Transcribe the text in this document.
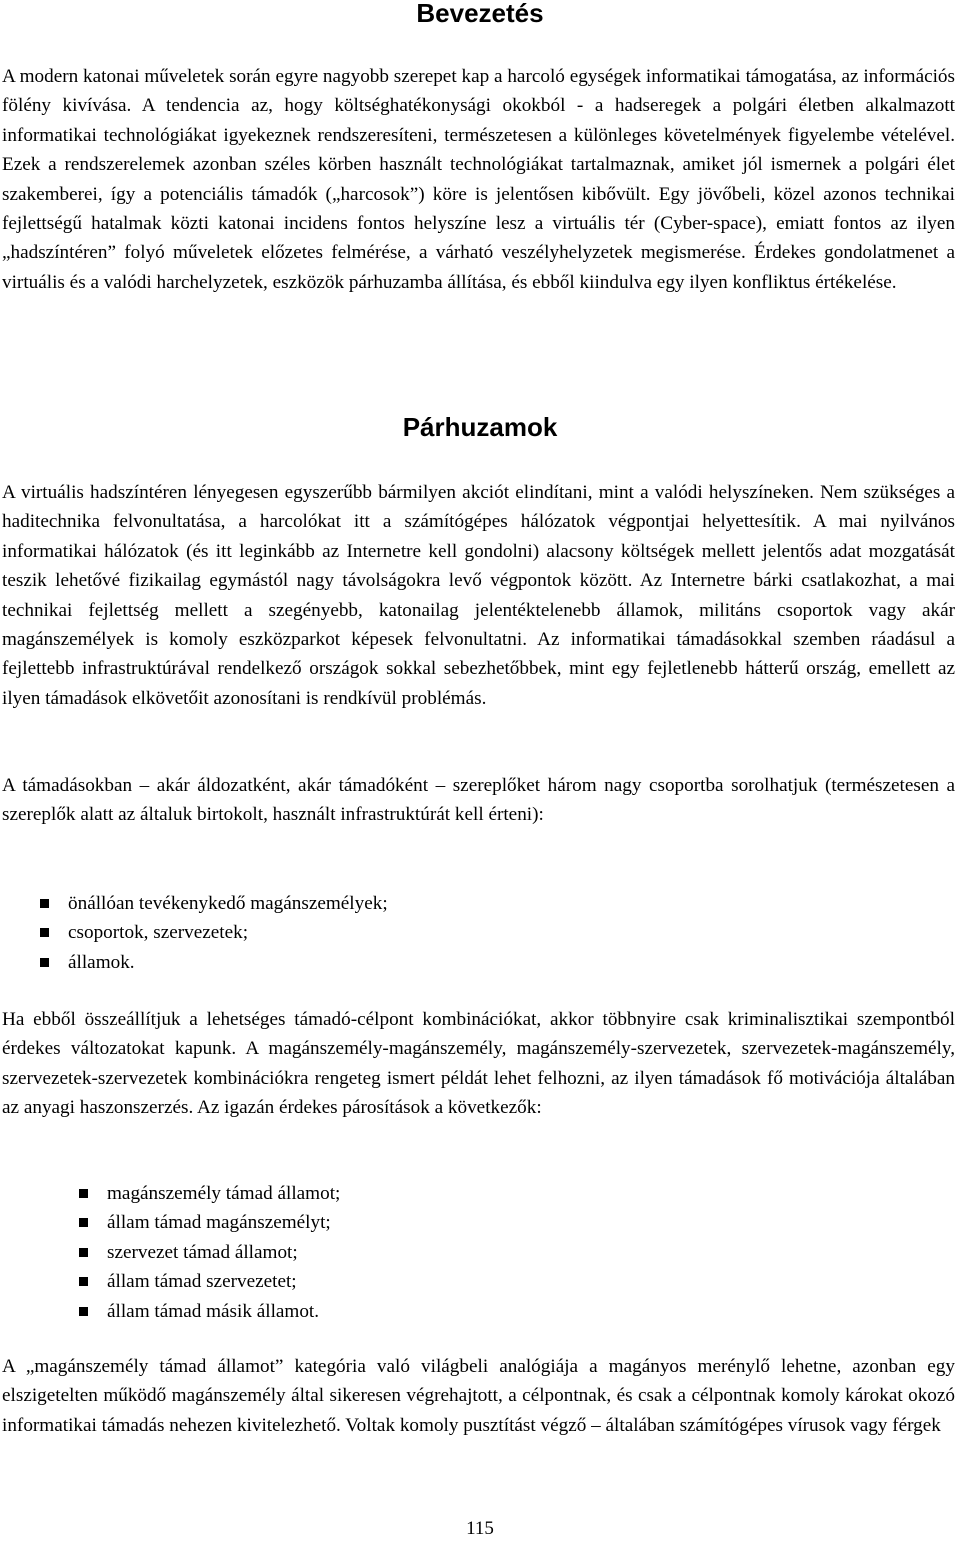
Bevezetés

A modern katonai műveletek során egyre nagyobb szerepet kap a harcoló egységek informatikai támogatása, az információs fölény kivívása. A tendencia az, hogy költséghatékonysági okokból - a hadseregek a polgári életben alkalmazott informatikai technológiákat igyekeznek rendszeresíteni, természetesen a különleges követelmények figyelembe vételével. Ezek a rendszerelemek azonban széles körben használt technológiákat tartalmaznak, amiket jól ismernek a polgári élet szakemberei, így a potenciális támadók („harcosok”) köre is jelentősen kibővült. Egy jövőbeli, közel azonos technikai fejlettségű hatalmak közti katonai incidens fontos helyszíne lesz a virtuális tér (Cyber-space), emiatt fontos az ilyen „hadszíntéren” folyó műveletek előzetes felmérése, a várható veszélyhelyzetek megismerése. Érdekes gondolatmenet a virtuális és a valódi harchelyzetek, eszközök párhuzamba állítása, és ebből kiindulva egy ilyen konfliktus értékelése.

Párhuzamok

A virtuális hadszíntéren lényegesen egyszerűbb bármilyen akciót elindítani, mint a valódi helyszíneken. Nem szükséges a haditechnika felvonultatása, a harcolókat itt a számítógépes hálózatok végpontjai helyettesítik. A mai nyilvános informatikai hálózatok (és itt leginkább az Internetre kell gondolni) alacsony költségek mellett jelentős adat mozgatását teszik lehetővé fizikailag egymástól nagy távolságokra levő végpontok között. Az Internetre bárki csatlakozhat, a mai technikai fejlettség mellett a szegényebb, katonailag jelentéktelenebb államok, militáns csoportok vagy akár magánszemélyek is komoly eszközparkot képesek felvonultatni. Az informatikai támadásokkal szemben ráadásul a fejlettebb infrastruktúrával rendelkező országok sokkal sebezhetőbbek, mint egy fejletlenebb hátterű ország, emellett az ilyen támadások elkövetőit azonosítani is rendkívül problémás.

A támadásokban – akár áldozatként, akár támadóként – szereplőket három nagy csoportba sorolhatjuk (természetesen a szereplők alatt az általuk birtokolt, használt infrastruktúrát kell érteni):

önállóan tevékenykedő magánszemélyek;
csoportok, szervezetek;
államok.

Ha ebből összeállítjuk a lehetséges támadó-célpont kombinációkat, akkor többnyire csak kriminalisztikai szempontból érdekes változatokat kapunk. A magánszemély-magánszemély, magánszemély-szervezetek, szervezetek-magánszemély, szervezetek-szervezetek kombinációkra rengeteg ismert példát lehet felhozni, az ilyen támadások fő motivációja általában az anyagi haszonszerzés. Az igazán érdekes párosítások a következők:

magánszemély támad államot;
állam támad magánszemélyt;
szervezet támad államot;
állam támad szervezetet;
állam támad másik államot.

A „magánszemély támad államot” kategória való világbeli analógiája a magányos merénylő lehetne, azonban egy elszigetelten működő magánszemély által sikeresen végrehajtott, a célpontnak, és csak a célpontnak komoly károkat okozó informatikai támadás nehezen kivitelezhető. Voltak komoly pusztítást végző – általában számítógépes vírusok vagy férgek

115
